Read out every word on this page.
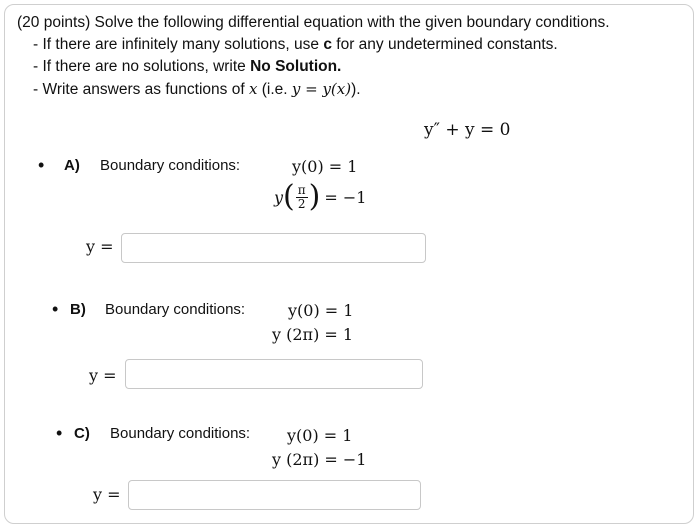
(20 points) Solve the following differential equation with the given boundary conditions.
- If there are infinitely many solutions, use c for any undetermined constants.
- If there are no solutions, write No Solution.
- Write answers as functions of x (i.e. y = y(x)).
y″ + y = 0
• A) Boundary conditions:	y(0) = 1
y ( $\frac{\pi}{2}$ ) = −1
y =
• B) Boundary conditions:	y(0) = 1
y (2π) = 1
y =
• C) Boundary conditions: y(0) = 1
y (2π) = −1
y =
